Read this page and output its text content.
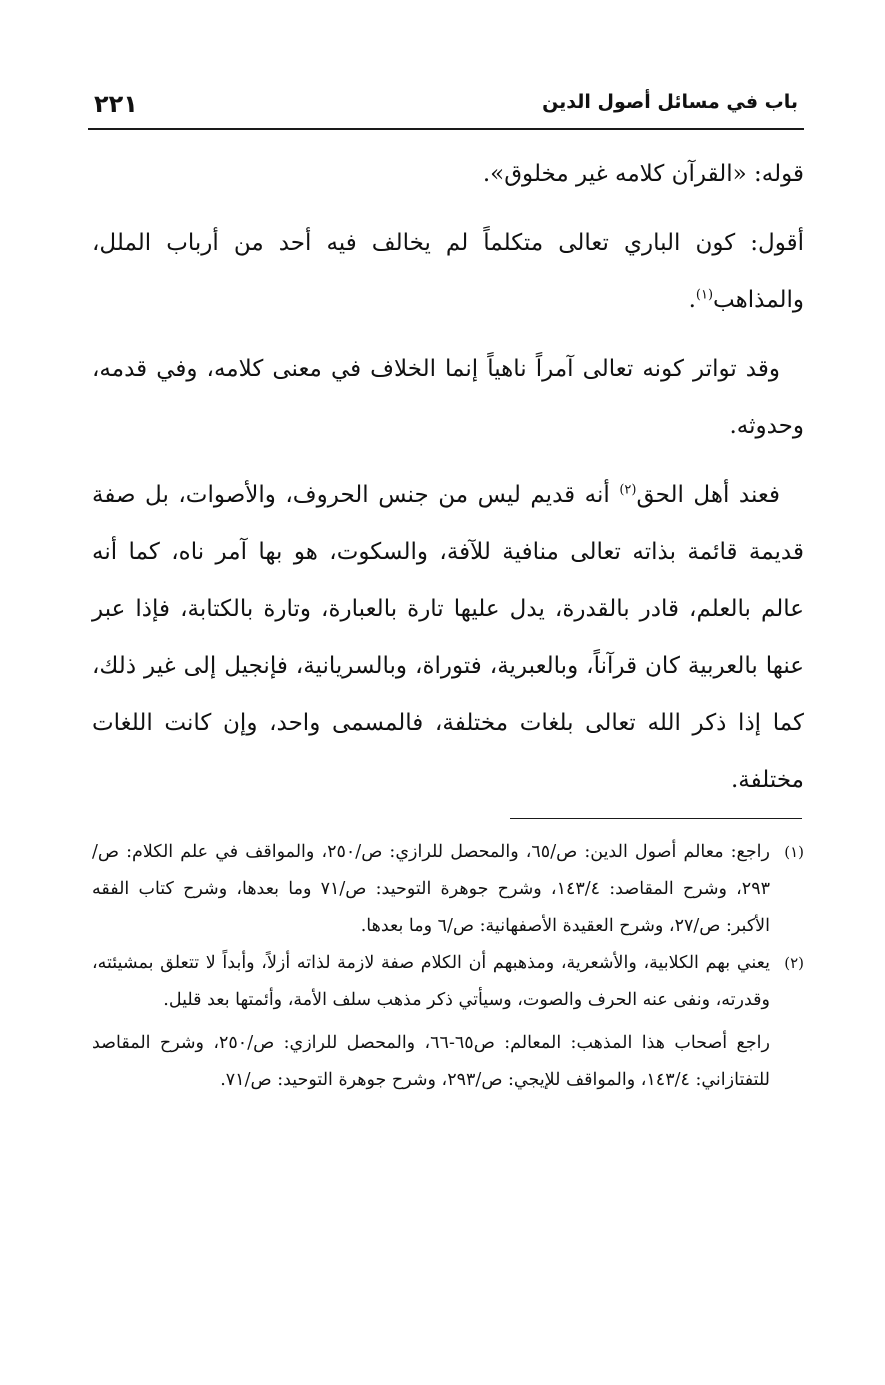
٢٢١	باب في مسائل أصول الدين

قوله: «القرآن كلامه غير مخلوق».

أقول: كون الباري تعالى متكلماً لم يخالف فيه أحد من أرباب الملل، والمذاهب$^{(١)}$.

وقد تواتر كونه تعالى آمراً ناهياً إنما الخلاف في معنى كلامه، وفي قدمه، وحدوثه.

فعند أهل الحق$^{(٢)}$ أنه قديم ليس من جنس الحروف، والأصوات، بل صفة قديمة قائمة بذاته تعالى منافية للآفة، والسكوت، هو بها آمر ناه، كما أنه عالم بالعلم، قادر بالقدرة، يدل عليها تارة بالعبارة، وتارة بالكتابة، فإذا عبر عنها بالعربية كان قرآناً، وبالعبرية، فتوراة، وبالسريانية، فإنجيل إلى غير ذلك، كما إذا ذكر الله تعالى بلغات مختلفة، فالمسمى واحد، وإن كانت اللغات مختلفة.

(١)
راجع: معالم أصول الدين: ص/٦٥، والمحصل للرازي: ص/٢٥٠، والمواقف في علم الكلام: ص/٢٩٣، وشرح المقاصد: ١٤٣/٤، وشرح جوهرة التوحيد: ص/٧١ وما بعدها، وشرح كتاب الفقه الأكبر: ص/٢٧، وشرح العقيدة الأصفهانية: ص/٦ وما بعدها.

(٢)
يعني بهم الكلابية، والأشعرية، ومذهبهم أن الكلام صفة لازمة لذاته أزلاً، وأبداً لا تتعلق بمشيئته، وقدرته، ونفى عنه الحرف والصوت، وسيأتي ذكر مذهب سلف الأمة، وأئمتها بعد قليل.

راجع أصحاب هذا المذهب: المعالم: ص٦٥-٦٦، والمحصل للرازي: ص/٢٥٠، وشرح المقاصد للتفتازاني: ١٤٣/٤، والمواقف للإيجي: ص/٢٩٣، وشرح جوهرة التوحيد: ص/٧١.
